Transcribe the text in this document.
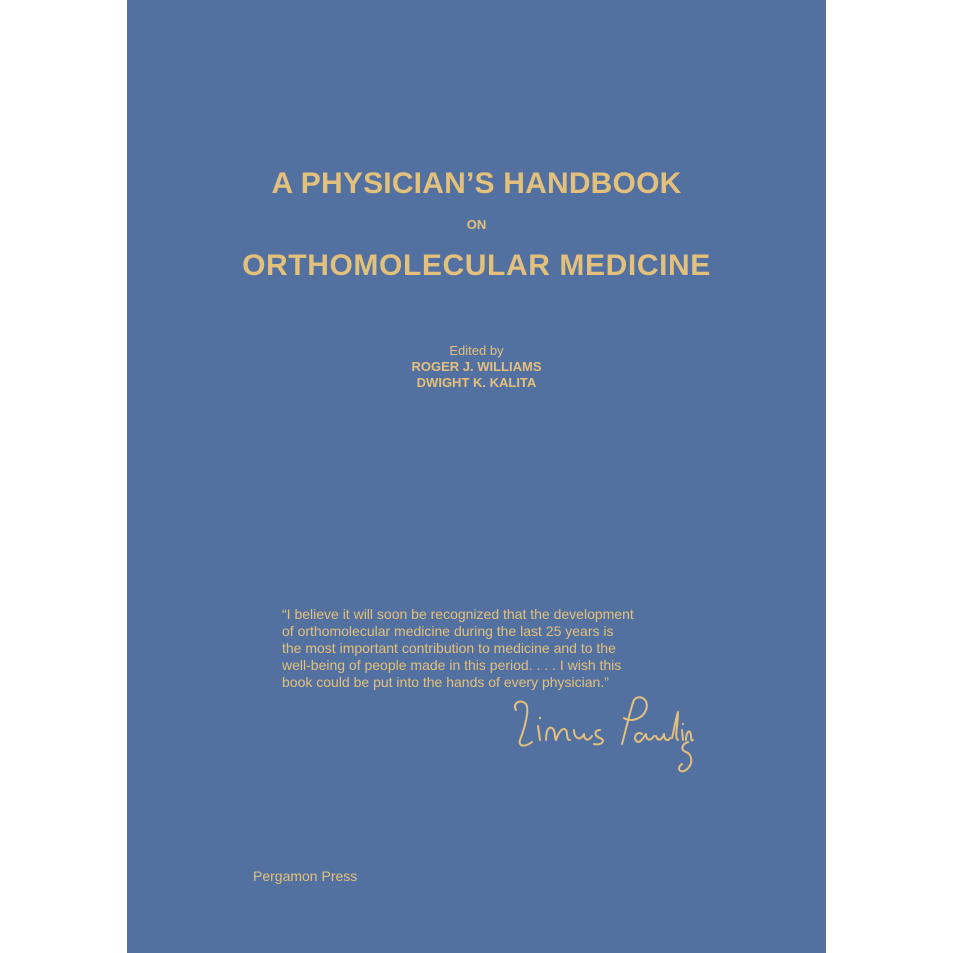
A PHYSICIAN’S HANDBOOK
ON
ORTHOMOLECULAR MEDICINE
Edited by
ROGER J. WILLIAMS
DWIGHT K. KALITA
“I believe it will soon be recognized that the development
of orthomolecular medicine during the last 25 years is
the most important contribution to medicine and to the
well-being of people made in this period. . . . I wish this
book could be put into the hands of every physician.”
Pergamon Press
